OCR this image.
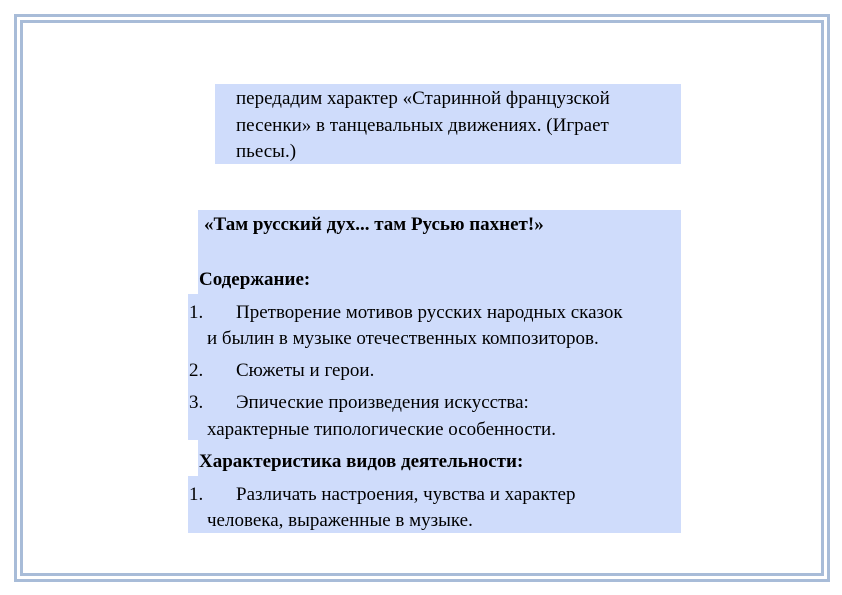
передадим характер «Старинной французской
песенки» в танцевальных движениях. (Играет
пьесы.)
«Там русский дух... там Русью пахнет!»
Содержание:
1. Претворение мотивов русских народных сказок
и былин в музыке отечественных композиторов.
2. Сюжеты и герои.
3. Эпические произведения искусства:
характерные типологические особенности.
Характеристика видов деятельности:
1. Различать настроения, чувства и характер
человека, выраженные в музыке.
